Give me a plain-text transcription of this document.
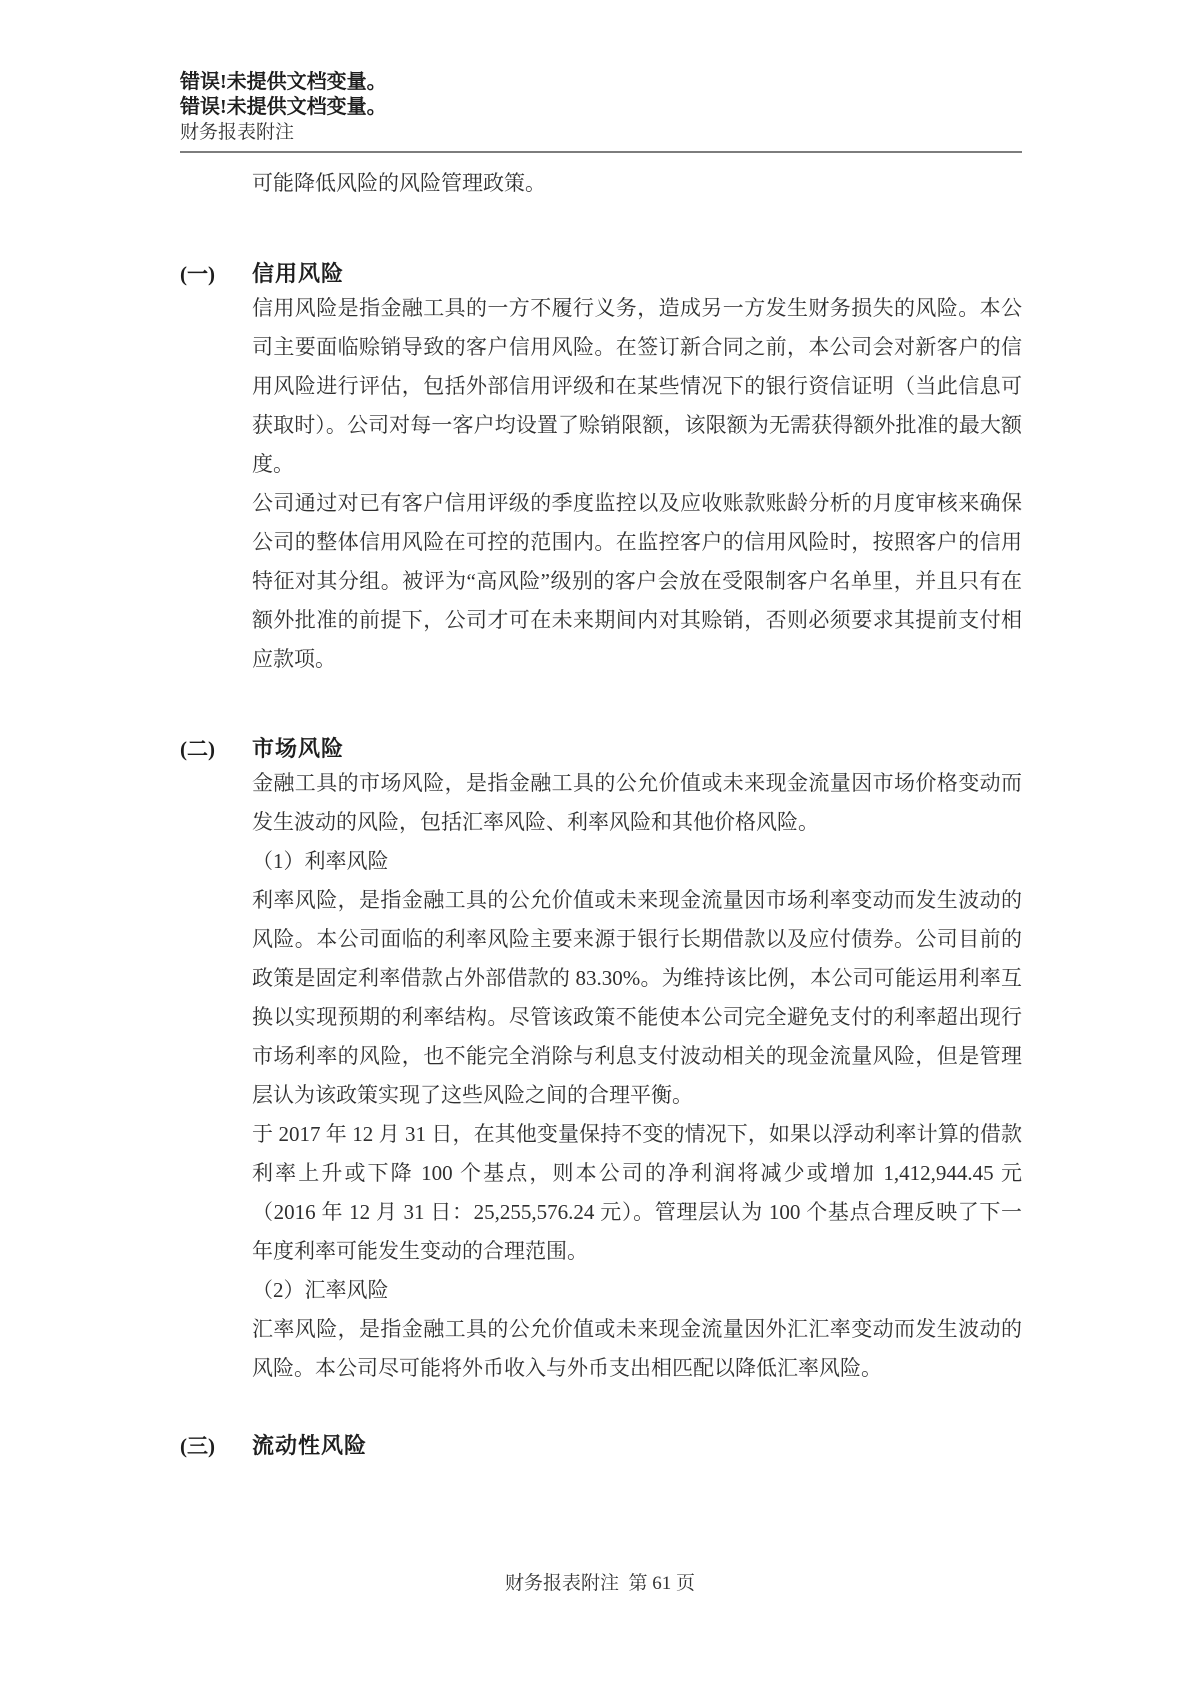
错误!未提供文档变量。
错误!未提供文档变量。
财务报表附注

可能降低风险的风险管理政策。

(一)	信用风险

信用风险是指金融工具的一方不履行义务，造成另一方发生财务损失的风险。本公司主要面临赊销导致的客户信用风险。在签订新合同之前，本公司会对新客户的信用风险进行评估，包括外部信用评级和在某些情况下的银行资信证明（当此信息可获取时）。公司对每一客户均设置了赊销限额，该限额为无需获得额外批准的最大额度。

公司通过对已有客户信用评级的季度监控以及应收账款账龄分析的月度审核来确保公司的整体信用风险在可控的范围内。在监控客户的信用风险时，按照客户的信用特征对其分组。被评为“高风险”级别的客户会放在受限制客户名单里，并且只有在额外批准的前提下，公司才可在未来期间内对其赊销，否则必须要求其提前支付相应款项。

(二)	市场风险

金融工具的市场风险，是指金融工具的公允价值或未来现金流量因市场价格变动而发生波动的风险，包括汇率风险、利率风险和其他价格风险。

（1）利率风险

利率风险，是指金融工具的公允价值或未来现金流量因市场利率变动而发生波动的风险。本公司面临的利率风险主要来源于银行长期借款以及应付债券。公司目前的政策是固定利率借款占外部借款的 83.30%。为维持该比例，本公司可能运用利率互换以实现预期的利率结构。尽管该政策不能使本公司完全避免支付的利率超出现行市场利率的风险，也不能完全消除与利息支付波动相关的现金流量风险，但是管理层认为该政策实现了这些风险之间的合理平衡。

于 2017 年 12 月 31 日，在其他变量保持不变的情况下，如果以浮动利率计算的借款利率上升或下降 100 个基点，则本公司的净利润将减少或增加 1,412,944.45 元（2016 年 12 月 31 日：25,255,576.24 元）。管理层认为 100 个基点合理反映了下一年度利率可能发生变动的合理范围。

（2）汇率风险

汇率风险，是指金融工具的公允价值或未来现金流量因外汇汇率变动而发生波动的风险。本公司尽可能将外币收入与外币支出相匹配以降低汇率风险。

(三)	流动性风险
财务报表附注  第 61 页
